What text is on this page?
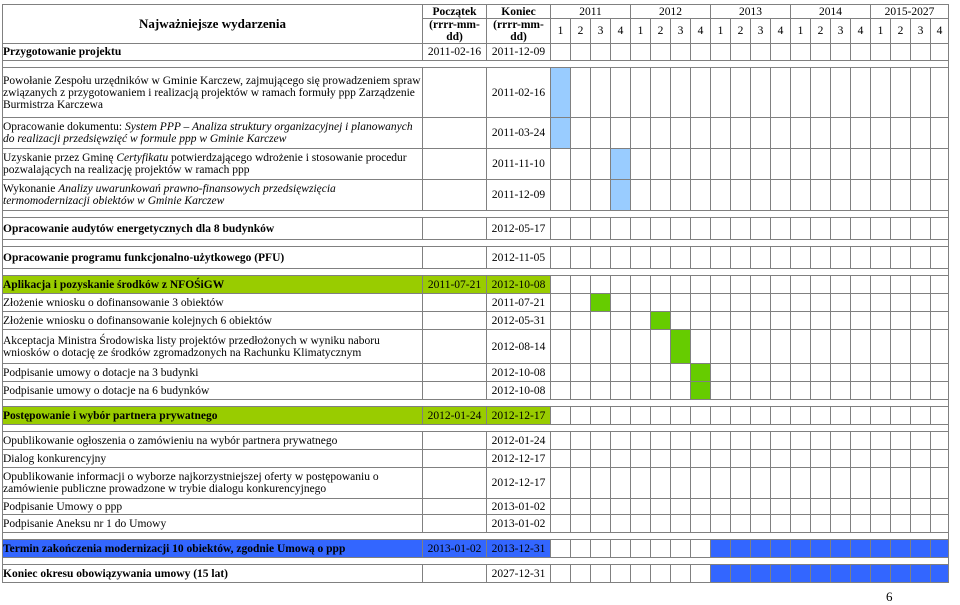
Najważniejsze wydarzenia	Początek	Koniec	2011				2012				2013				2014				2015-2027			
	(rrrr-mm-dd)	(rrrr-mm-dd)	1	2	3	4	1	2	3	4	1	2	3	4	1	2	3	4	1	2	3	4
Przygotowanie projektu	2011-02-16	2011-12-09																				

Powołanie Zespołu urzędników w Gminie Karczew, zajmującego się prowadzeniem spraw związanych z przygotowaniem i realizacją projektów w ramach formuły ppp Zarządzenie Burmistrza Karczewa		2011-02-16																				
Opracowanie dokumentu: System PPP – Analiza struktury organizacyjnej i planowanych do realizacji przedsięwzięć w formule ppp w Gminie Karczew		2011-03-24																				
Uzyskanie przez Gminę Certyfikatu potwierdzającego wdrożenie i stosowanie procedur pozwalających na realizację projektów w ramach ppp		2011-11-10																				
Wykonanie Analizy uwarunkowań prawno-finansowych przedsięwzięcia termomodernizacji obiektów w Gminie Karczew		2011-12-09																				

Opracowanie audytów energetycznych dla 8 budynków		2012-05-17																				

Opracowanie programu funkcjonalno-użytkowego (PFU)		2012-11-05																				

Aplikacja i pozyskanie środków z NFOŚiGW	2011-07-21	2012-10-08																				
Złożenie wniosku o dofinansowanie 3 obiektów		2011-07-21																				
Złożenie wniosku o dofinansowanie kolejnych 6 obiektów		2012-05-31																				
Akceptacja Ministra Środowiska listy projektów przedłożonych w wyniku naboru wniosków o dotację ze środków zgromadzonych na Rachunku Klimatycznym		2012-08-14																				
Podpisanie umowy o dotacje na 3 budynki		2012-10-08																				
Podpisanie umowy o dotacje na 6 budynków		2012-10-08																				

Postępowanie i wybór partnera prywatnego	2012-01-24	2012-12-17																				

Opublikowanie ogłoszenia o zamówieniu na wybór partnera prywatnego		2012-01-24																				
Dialog konkurencyjny		2012-12-17																				
Opublikowanie informacji o wyborze najkorzystniejszej oferty w postępowaniu o zamówienie publiczne prowadzone w trybie dialogu konkurencyjnego		2012-12-17																				
Podpisanie Umowy o ppp		2013-01-02																				
Podpisanie Aneksu nr 1 do Umowy		2013-01-02																				

Termin zakończenia modernizacji 10 obiektów, zgodnie Umową o ppp	2013-01-02	2013-12-31																				

Koniec okresu obowiązywania umowy (15 lat)		2027-12-31																				
6
